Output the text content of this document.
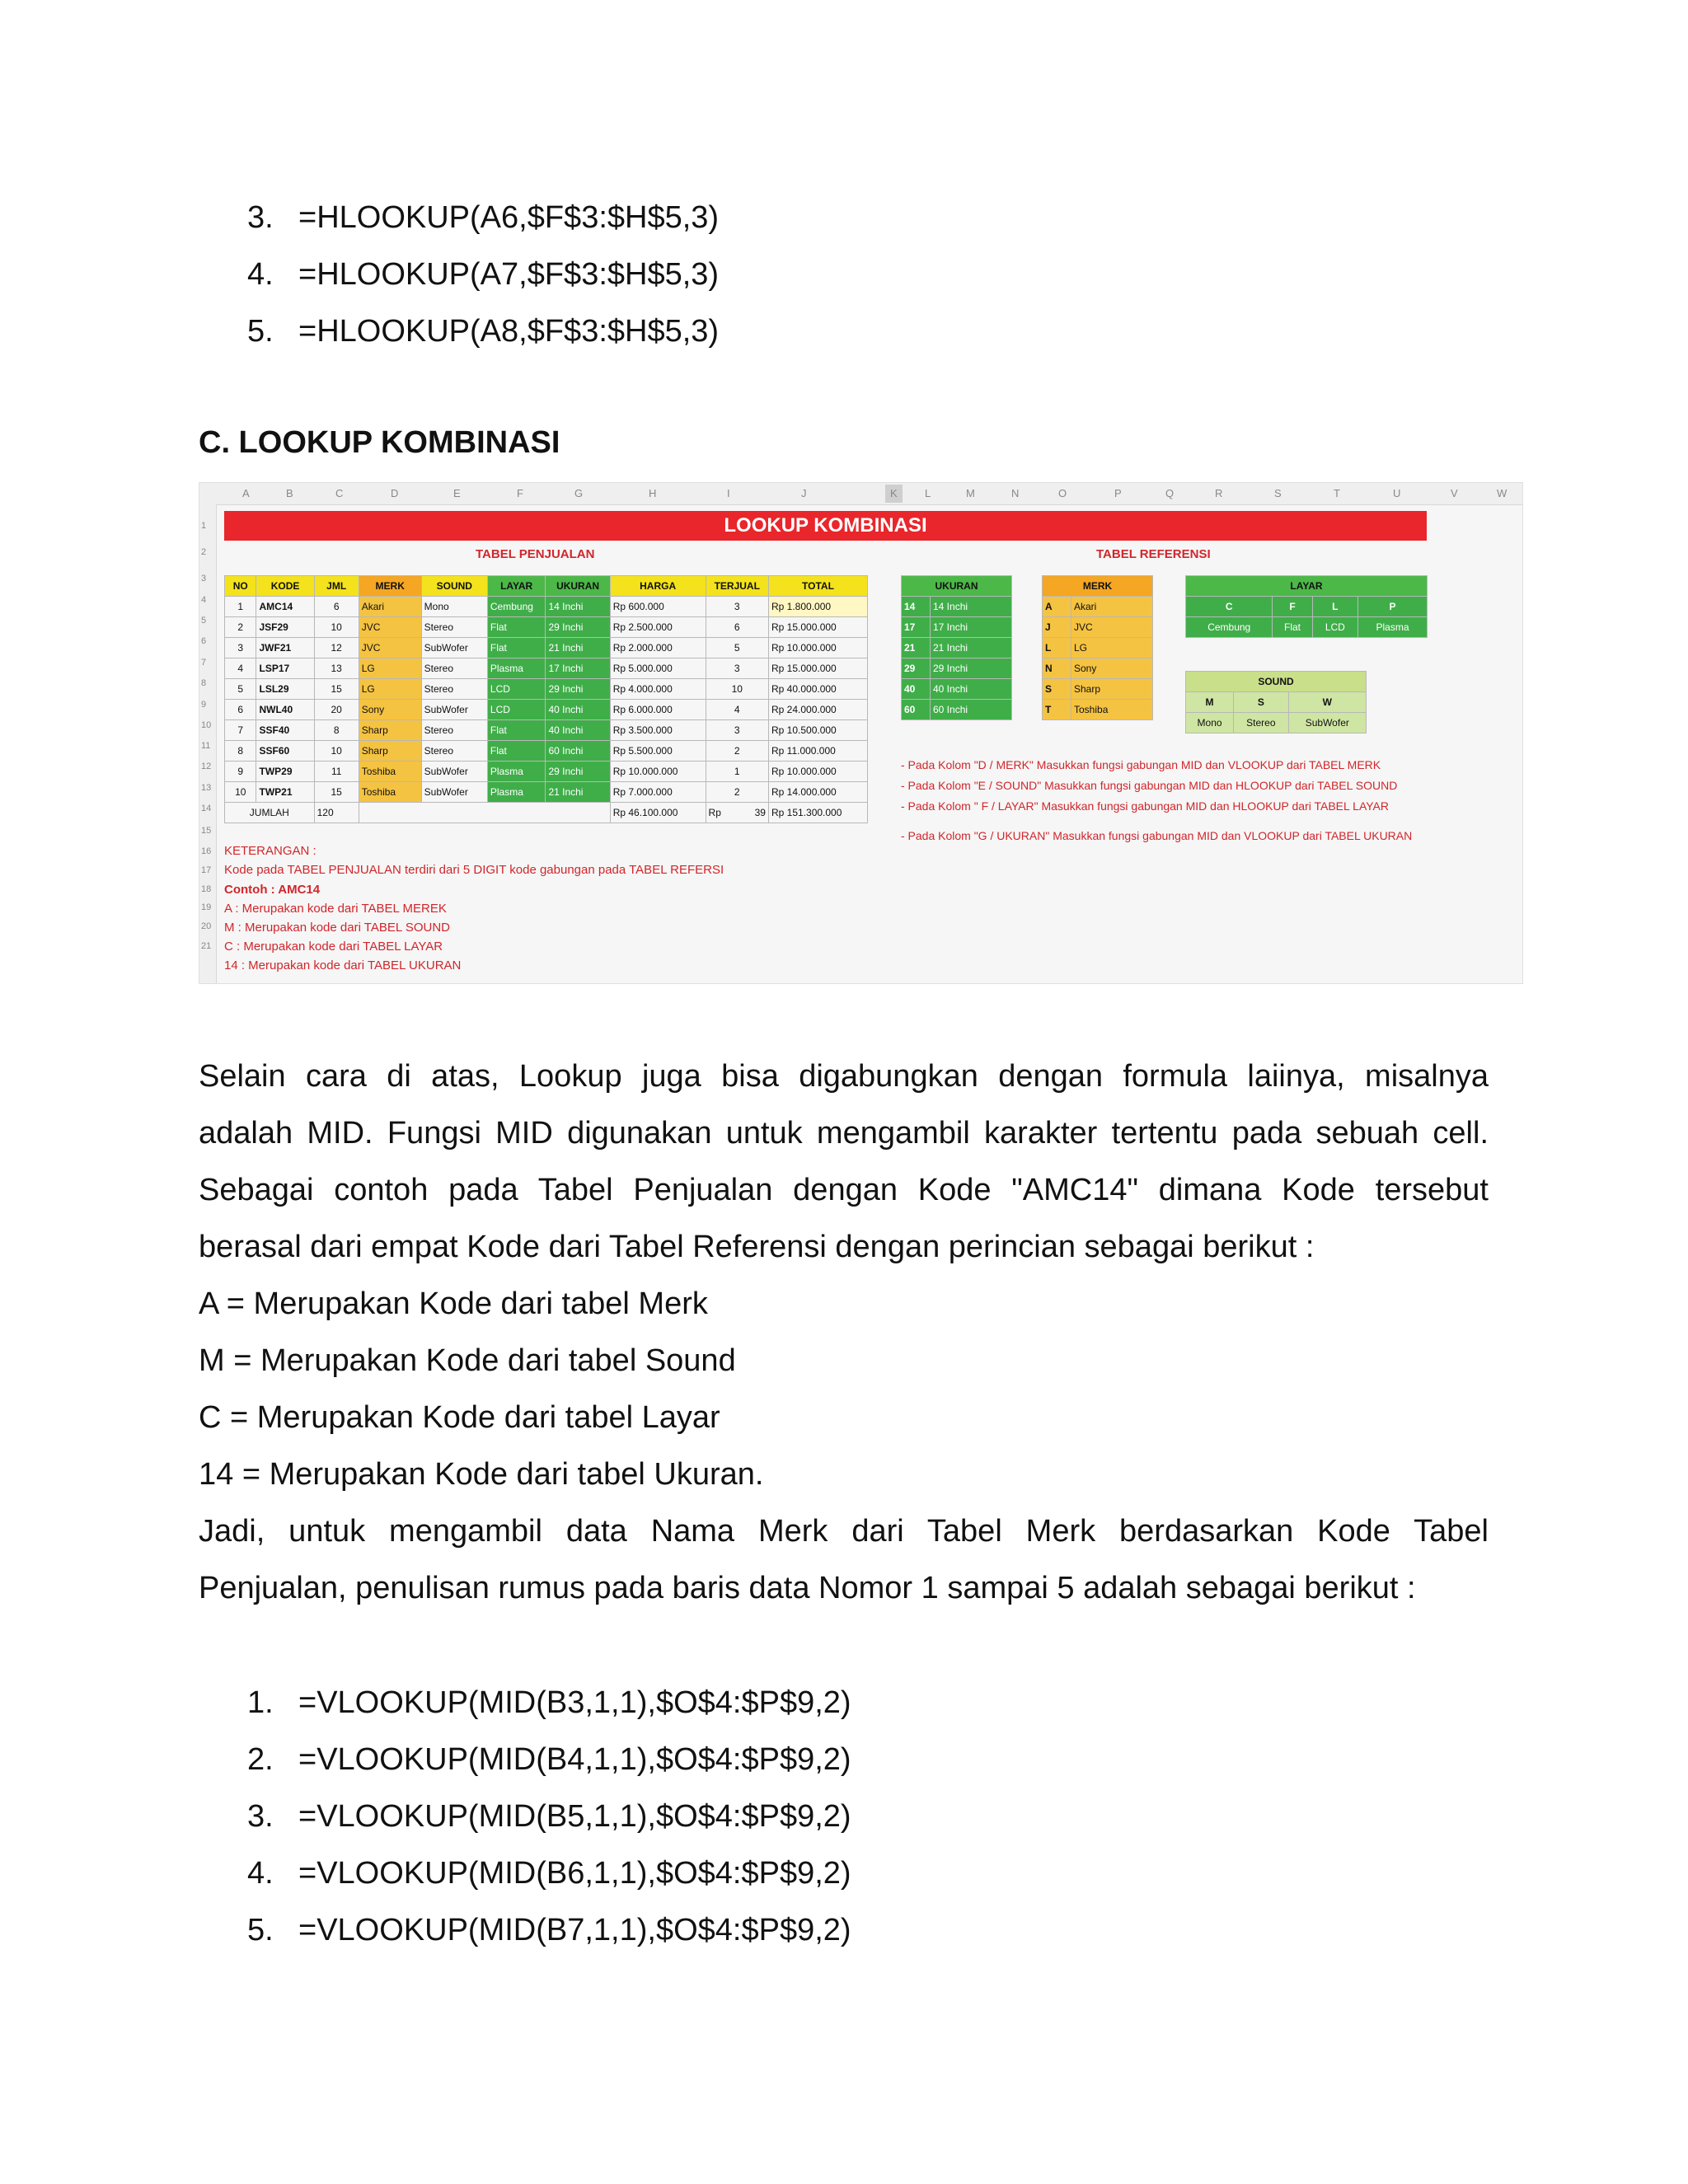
3. =HLOOKUP(A6,$F$3:$H$5,3)
4. =HLOOKUP(A7,$F$3:$H$5,3)
5. =HLOOKUP(A8,$F$3:$H$5,3)
C. LOOKUP KOMBINASI
A	B	C	D	E	F	G	H	I	J	K	L	M	N	O	P	Q	R	S	T	U	V	W
1
2
3
4
5
6
7
8
9
10
11
12
13
14
15
16
17
18
19
20
21
LOOKUP KOMBINASI
TABEL PENJUALAN	TABEL REFERENSI
NO	KODE	JML	MERK	SOUND	LAYAR	UKURAN	HARGA	TERJUAL	TOTAL
1	AMC14	6	Akari	Mono	Cembung	14 Inchi	Rp 600.000	3	Rp 1.800.000
2	JSF29	10	JVC	Stereo	Flat	29 Inchi	Rp 2.500.000	6	Rp 15.000.000
3	JWF21	12	JVC	SubWofer	Flat	21 Inchi	Rp 2.000.000	5	Rp 10.000.000
4	LSP17	13	LG	Stereo	Plasma	17 Inchi	Rp 5.000.000	3	Rp 15.000.000
5	LSL29	15	LG	Stereo	LCD	29 Inchi	Rp 4.000.000	10	Rp 40.000.000
6	NWL40	20	Sony	SubWofer	LCD	40 Inchi	Rp 6.000.000	4	Rp 24.000.000
7	SSF40	8	Sharp	Stereo	Flat	40 Inchi	Rp 3.500.000	3	Rp 10.500.000
8	SSF60	10	Sharp	Stereo	Flat	60 Inchi	Rp 5.500.000	2	Rp 11.000.000
9	TWP29	11	Toshiba	SubWofer	Plasma	29 Inchi	Rp 10.000.000	1	Rp 10.000.000
10	TWP21	15	Toshiba	SubWofer	Plasma	21 Inchi	Rp 7.000.000	2	Rp 14.000.000
JUMLAH		120					Rp 46.100.000	Rp 39	Rp 151.300.000
UKURAN	
14	14 Inchi
17	17 Inchi
21	21 Inchi
29	29 Inchi
40	40 Inchi
60	60 Inchi
MERK	
A	Akari
J	JVC
L	LG
N	Sony
S	Sharp
T	Toshiba
LAYAR			
C	F	L	P
Cembung	Flat	LCD	Plasma
SOUND		
M	S	W
Mono	Stereo	SubWofer
- Pada Kolom "D / MERK" Masukkan fungsi gabungan MID dan VLOOKUP dari TABEL MERK
- Pada Kolom "E / SOUND" Masukkan fungsi gabungan MID dan HLOOKUP dari TABEL SOUND
- Pada Kolom " F / LAYAR" Masukkan fungsi gabungan MID dan HLOOKUP dari TABEL LAYAR
- Pada Kolom "G / UKURAN" Masukkan fungsi gabungan MID dan VLOOKUP dari TABEL UKURAN
KETERANGAN :
Kode pada TABEL PENJUALAN terdiri dari 5 DIGIT kode gabungan pada TABEL REFERSI
Contoh : AMC14
A : Merupakan kode dari TABEL MEREK
M : Merupakan kode dari TABEL SOUND
C : Merupakan kode dari TABEL LAYAR
14 : Merupakan kode dari TABEL UKURAN

Selain cara di atas, Lookup juga bisa digabungkan dengan formula laiinya, misalnya

adalah MID. Fungsi MID digunakan untuk mengambil karakter tertentu pada sebuah cell.

Sebagai contoh pada Tabel Penjualan dengan Kode "AMC14" dimana Kode tersebut

berasal dari empat Kode dari Tabel Referensi dengan perincian sebagai berikut :

A = Merupakan Kode dari tabel Merk

M = Merupakan Kode dari tabel Sound

C = Merupakan Kode dari tabel Layar

14 = Merupakan Kode dari tabel Ukuran.

Jadi, untuk mengambil data Nama Merk dari Tabel Merk berdasarkan Kode Tabel

Penjualan, penulisan rumus pada baris data Nomor 1 sampai 5 adalah sebagai berikut :

1. =VLOOKUP(MID(B3,1,1),$O$4:$P$9,2)
2. =VLOOKUP(MID(B4,1,1),$O$4:$P$9,2)
3. =VLOOKUP(MID(B5,1,1),$O$4:$P$9,2)
4. =VLOOKUP(MID(B6,1,1),$O$4:$P$9,2)
5. =VLOOKUP(MID(B7,1,1),$O$4:$P$9,2)
